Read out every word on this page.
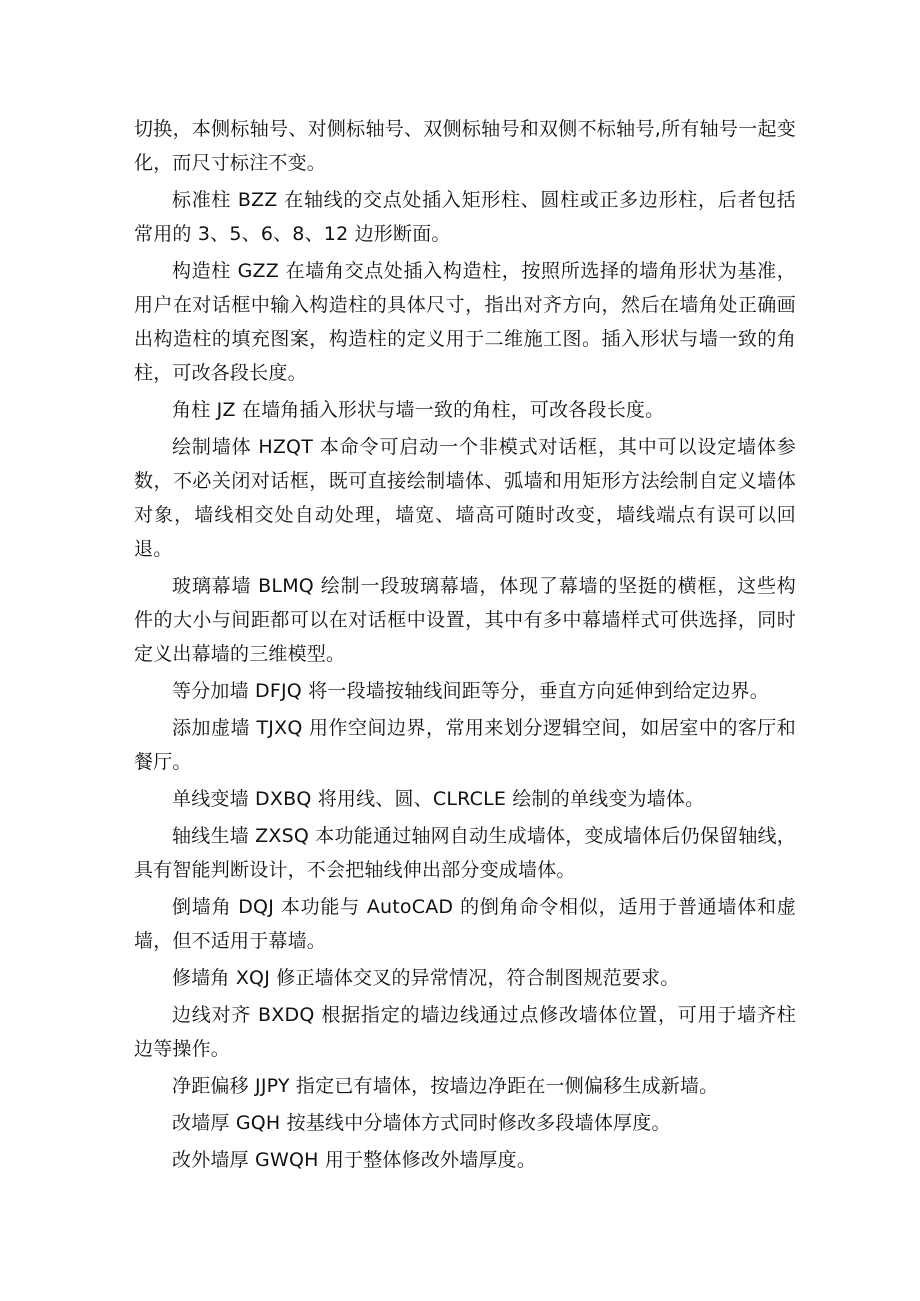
切换，本侧标轴号、对侧标轴号、双侧标轴号和双侧不标轴号,所有轴号一起变化，而尺寸标注不变。

标准柱 BZZ 在轴线的交点处插入矩形柱、圆柱或正多边形柱，后者包括常用的 3、5、6、8、12 边形断面。

构造柱 GZZ 在墙角交点处插入构造柱，按照所选择的墙角形状为基准，用户在对话框中输入构造柱的具体尺寸，指出对齐方向，然后在墙角处正确画出构造柱的填充图案，构造柱的定义用于二维施工图。插入形状与墙一致的角柱，可改各段长度。

角柱 JZ 在墙角插入形状与墙一致的角柱，可改各段长度。

绘制墙体 HZQT 本命令可启动一个非模式对话框，其中可以设定墙体参数，不必关闭对话框，既可直接绘制墙体、弧墙和用矩形方法绘制自定义墙体对象，墙线相交处自动处理，墙宽、墙高可随时改变，墙线端点有误可以回退。

玻璃幕墙 BLMQ 绘制一段玻璃幕墙，体现了幕墙的坚挺的横框，这些构件的大小与间距都可以在对话框中设置，其中有多中幕墙样式可供选择，同时定义出幕墙的三维模型。

等分加墙 DFJQ 将一段墙按轴线间距等分，垂直方向延伸到给定边界。

添加虚墙 TJXQ 用作空间边界，常用来划分逻辑空间，如居室中的客厅和餐厅。

单线变墙 DXBQ 将用线、圆、CLRCLE 绘制的单线变为墙体。

轴线生墙 ZXSQ 本功能通过轴网自动生成墙体，变成墙体后仍保留轴线，具有智能判断设计，不会把轴线伸出部分变成墙体。

倒墙角 DQJ 本功能与 AutoCAD 的倒角命令相似，适用于普通墙体和虚墙，但不适用于幕墙。

修墙角 XQJ 修正墙体交叉的异常情况，符合制图规范要求。

边线对齐 BXDQ 根据指定的墙边线通过点修改墙体位置，可用于墙齐柱边等操作。

净距偏移 JJPY 指定已有墙体，按墙边净距在一侧偏移生成新墙。

改墙厚 GQH 按基线中分墙体方式同时修改多段墙体厚度。

改外墙厚 GWQH 用于整体修改外墙厚度。
